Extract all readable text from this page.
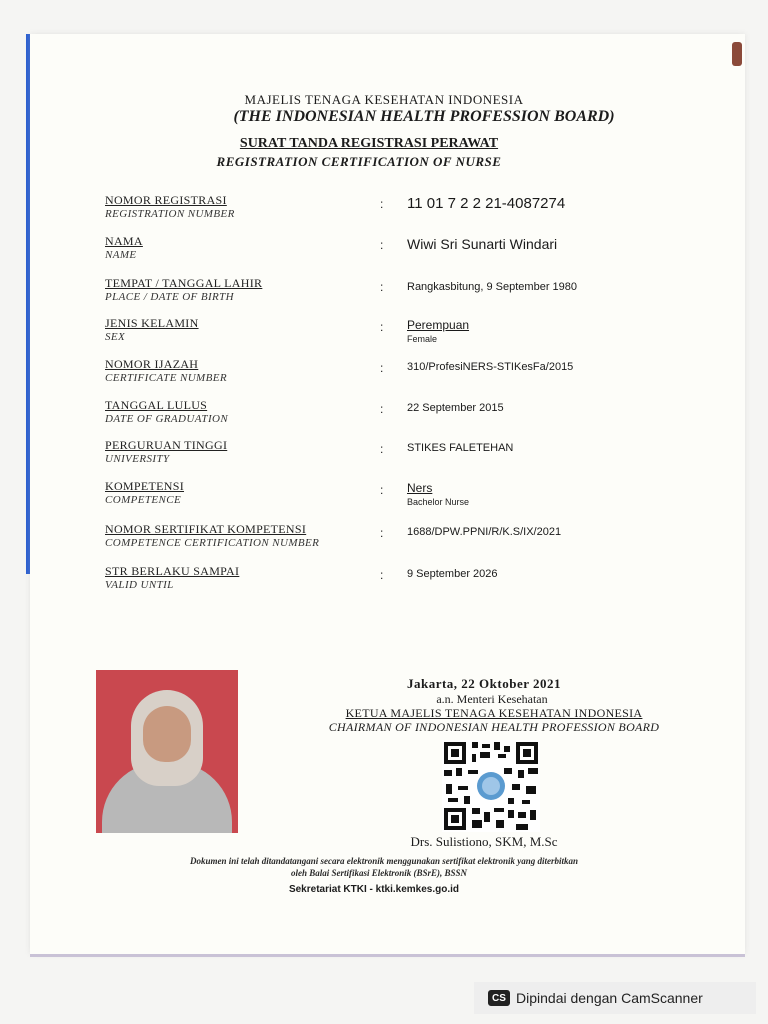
MAJELIS TENAGA KESEHATAN INDONESIA
(THE INDONESIAN HEALTH PROFESSION BOARD)
SURAT TANDA REGISTRASI PERAWAT
REGISTRATION CERTIFICATION OF NURSE
NOMOR REGISTRASI
REGISTRATION NUMBER
: 11 01 7 2 2 21-4087274
NAMA
NAME
: Wiwi Sri Sunarti Windari
TEMPAT / TANGGAL LAHIR
PLACE / DATE OF BIRTH
: Rangkasbitung, 9 September 1980
JENIS KELAMIN
SEX
: Perempuan
Female
NOMOR IJAZAH
CERTIFICATE NUMBER
: 310/ProfesiNERS-STIKesFa/2015
TANGGAL LULUS
DATE OF GRADUATION
: 22 September 2015
PERGURUAN TINGGI
UNIVERSITY
: STIKES FALETEHAN
KOMPETENSI
COMPETENCE
: Ners
Bachelor Nurse
NOMOR SERTIFIKAT KOMPETENSI
COMPETENCE CERTIFICATION NUMBER
: 1688/DPW.PPNI/R/K.S/IX/2021
STR BERLAKU SAMPAI
VALID UNTIL
: 9 September 2026
Jakarta, 22 Oktober 2021
a.n. Menteri Kesehatan
KETUA MAJELIS TENAGA KESEHATAN INDONESIA
CHAIRMAN OF INDONESIAN HEALTH PROFESSION BOARD
Drs. Sulistiono, SKM, M.Sc
Dokumen ini telah ditandatangani secara elektronik menggunakan sertifikat elektronik yang diterbitkan
oleh Balai Sertifikasi Elektronik (BSrE), BSSN
Sekretariat KTKI - ktki.kemkes.go.id
CS Dipindai dengan CamScanner
